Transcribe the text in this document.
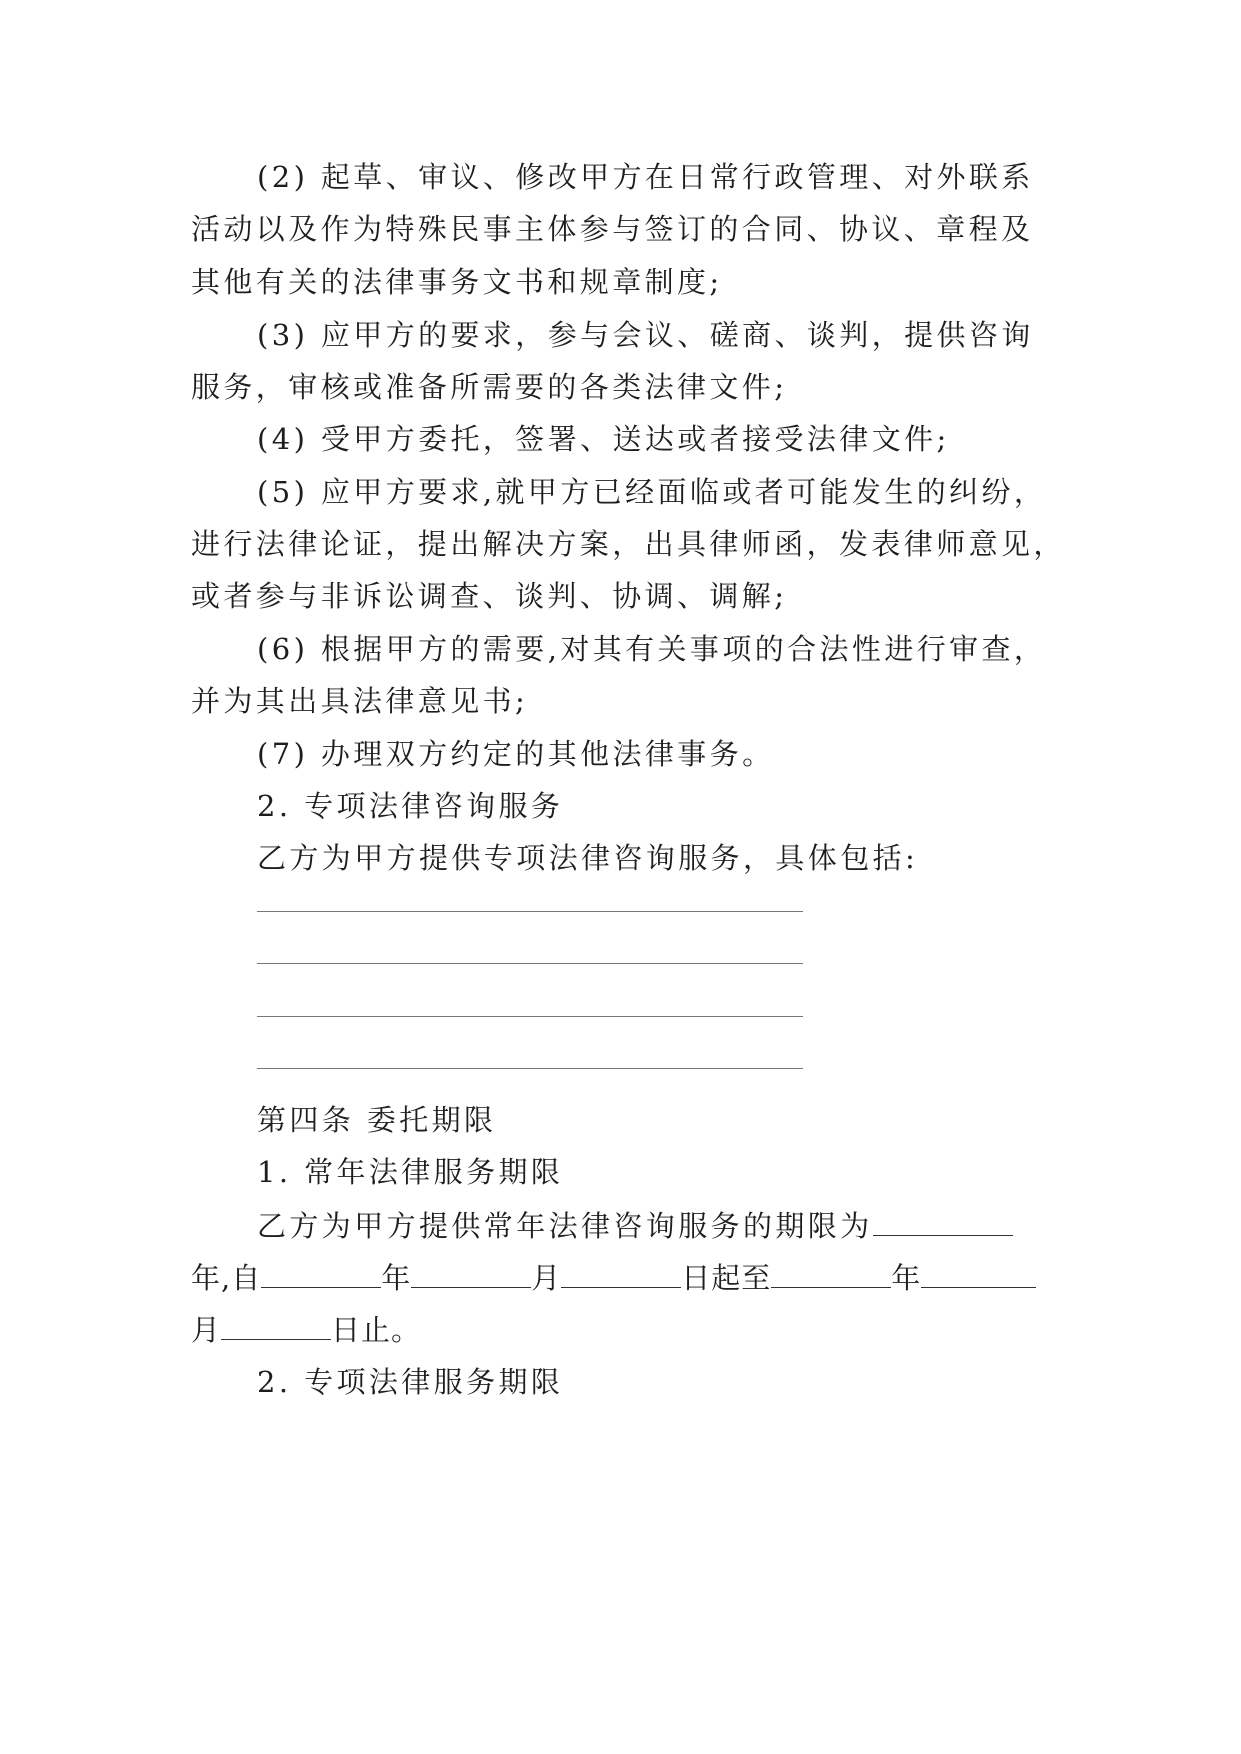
(2) 起草、审议、修改甲方在日常行政管理、对外联系
活动以及作为特殊民事主体参与签订的合同、协议、章程及
其他有关的法律事务文书和规章制度;
(3) 应甲方的要求，参与会议、磋商、谈判，提供咨询
服务，审核或准备所需要的各类法律文件;
(4) 受甲方委托，签署、送达或者接受法律文件;
(5) 应甲方要求,就甲方已经面临或者可能发生的纠纷，
进行法律论证，提出解决方案，出具律师函，发表律师意见，
或者参与非诉讼调查、谈判、协调、调解;
(6) 根据甲方的需要,对其有关事项的合法性进行审查，
并为其出具法律意见书;
(7) 办理双方约定的其他法律事务。
2. 专项法律咨询服务
乙方为甲方提供专项法律咨询服务，具体包括:
第四条 委托期限
1. 常年法律服务期限
乙方为甲方提供常年法律咨询服务的期限为
年,自	年	月	日起至	年
月	日止。
2. 专项法律服务期限
